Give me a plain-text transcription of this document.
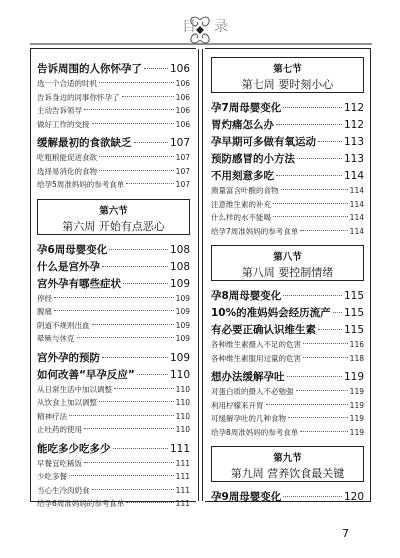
目 录
告诉周围的人你怀孕了	106
选一个合适的时机	106
告诉身边的同事你怀孕了	106
主动告诉领导	106
做好工作的交接	106
缓解最初的食欲缺乏	107
吃粗粮能促进食欲	107
选择易消化的食物	107
给孕5周准妈妈的参考食单	107
第六节
第六周 开始有点恶心
孕6周母婴变化	108
什么是宫外孕	108
宫外孕有哪些症状	109
停经	109
腹痛	109
阴道不规则出血	109
晕厥与休克	109
宫外孕的预防	109
如何改善“早孕反应”	110
从日常生活中加以调整	110
从饮食上加以调整	110
精神疗法	110
止吐药的使用	110
能吃多少吃多少	111
早餐宜吃稀饭	111
少吃多餐	111
当心生冷肉奶食	111
给孕6周准妈妈的参考食单	111
第七节
第七周 要时刻小心
孕7周母婴变化	112
胃灼痛怎么办	112
孕早期可多做有氧运动	113
预防感冒的小方法	113
不用刻意多吃	114
测量富含叶酸的食物	114
注意维生素的补充	114
什么样的水不能喝	114
给孕7周准妈妈的参考食单	114
第八节
第八周 要控制情绪
孕8周母婴变化	115
10%的准妈妈会经历流产 115
有必要正确认识维生素	115
各种维生素摄入不足的危害	116
各种维生素服用过量的危害	118
想办法缓解孕吐	119
对蛋白质的摄入不必勉强	119
利用柠檬来开胃	119
可缓解孕吐的几种食物	119
给孕8周准妈妈的参考食单	119
第九节
第九周 营养饮食最关键
孕9周母婴变化	120
7
